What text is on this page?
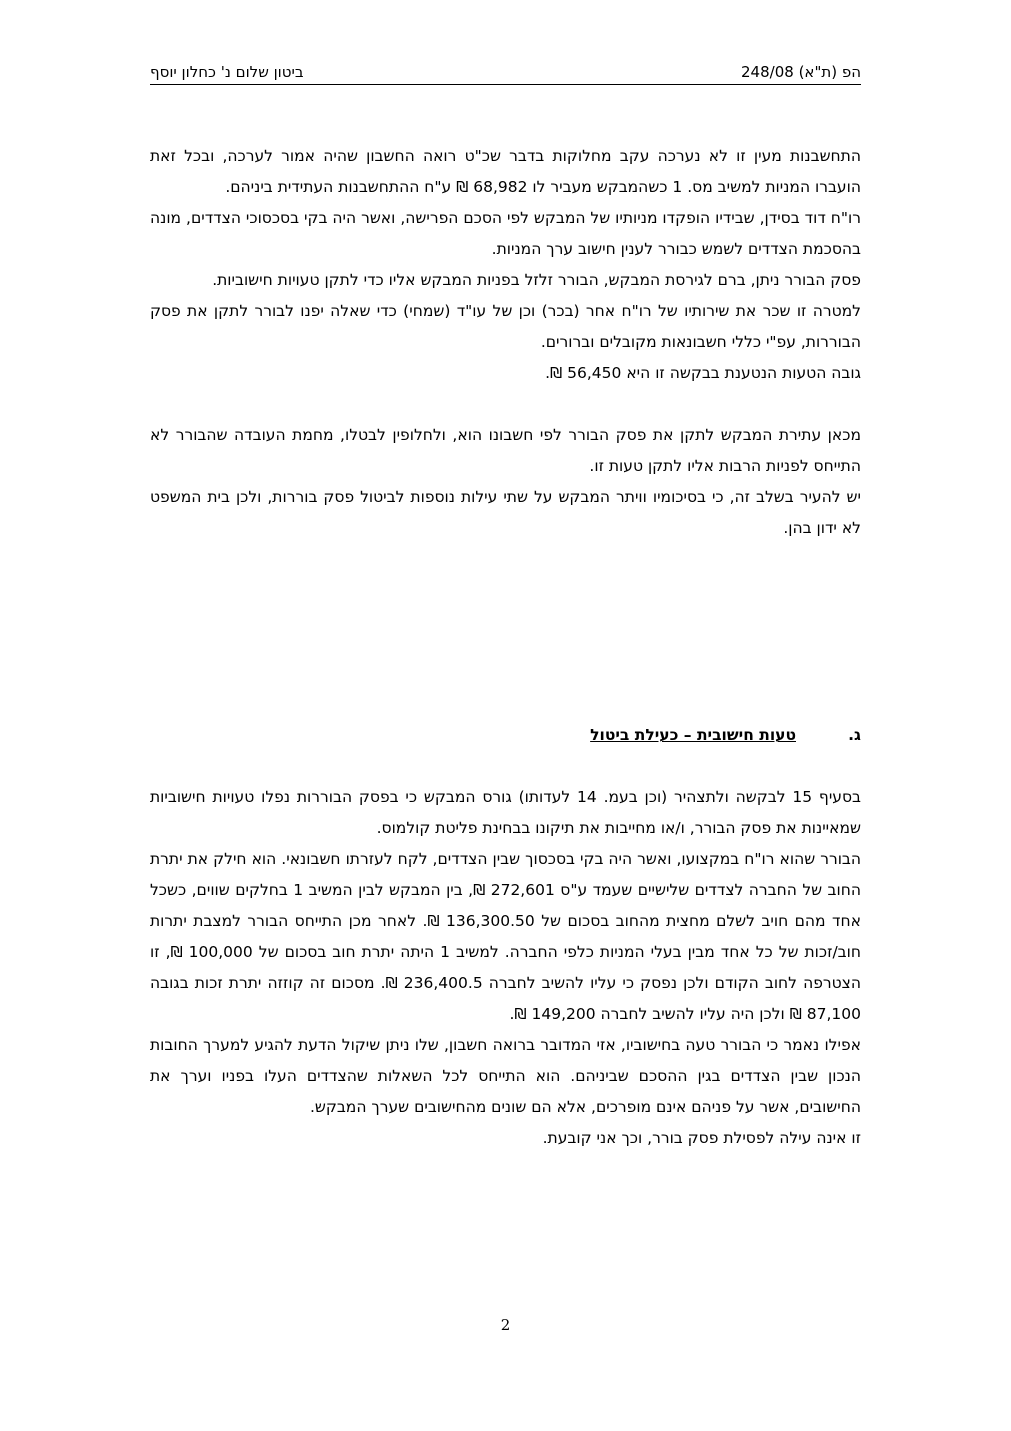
הפ (ת"א) 248/08
ביטון שלום נ' כחלון יוסף

התחשבנות מעין זו לא נערכה עקב מחלוקות בדבר שכ"ט רואה החשבון שהיה אמור לערכה, ובכל זאת הועברו המניות למשיב מס. 1 כשהמבקש מעביר לו 68,982 ₪ ע"ח ההתחשבנות העתידית ביניהם.

רו"ח דוד בסידן, שבידיו הופקדו מניותיו של המבקש לפי הסכם הפרישה, ואשר היה בקי בסכסוכי הצדדים, מונה בהסכמת הצדדים לשמש כבורר לענין חישוב ערך המניות.

פסק הבורר ניתן, ברם לגירסת המבקש, הבורר זלזל בפניות המבקש אליו כדי לתקן טעויות חישוביות.

למטרה זו שכר את שירותיו של רו"ח אחר (בכר) וכן של עו"ד (שמחי) כדי שאלה יפנו לבורר לתקן את פסק הבוררות, עפ"י כללי חשבונאות מקובלים וברורים.

גובה הטעות הנטענת בבקשה זו היא 56,450 ₪.

מכאן עתירת המבקש לתקן את פסק הבורר לפי חשבונו הוא, ולחלופין לבטלו, מחמת העובדה שהבורר לא התייחס לפניות הרבות אליו לתקן טעות זו.

יש להעיר בשלב זה, כי בסיכומיו וויתר המבקש על שתי עילות נוספות לביטול פסק בוררות, ולכן בית המשפט לא ידון בהן.

ג.
טעות חישובית – כעילת ביטול

בסעיף 15 לבקשה ולתצהיר (וכן בעמ. 14 לעדותו) גורס המבקש כי בפסק הבוררות נפלו טעויות חישוביות שמאיינות את פסק הבורר, ו/או מחייבות את תיקונו בבחינת פליטת קולמוס.

הבורר שהוא רו"ח במקצועו, ואשר היה בקי בסכסוך שבין הצדדים, לקח לעזרתו חשבונאי. הוא חילק את יתרת החוב של החברה לצדדים שלישיים שעמד ע"ס 272,601 ₪, בין המבקש לבין המשיב 1 בחלקים שווים, כשכל אחד מהם חויב לשלם מחצית מהחוב בסכום של 136,300.50 ₪. לאחר מכן התייחס הבורר למצבת יתרות חוב/זכות של כל אחד מבין בעלי המניות כלפי החברה. למשיב 1 היתה יתרת חוב בסכום של 100,000 ₪, זו הצטרפה לחוב הקודם ולכן נפסק כי עליו להשיב לחברה 236,400.5 ₪. מסכום זה קוזזה יתרת זכות בגובה 87,100 ₪ ולכן היה עליו להשיב לחברה 149,200 ₪.

אפילו נאמר כי הבורר טעה בחישוביו, אזי המדובר ברואה חשבון, שלו ניתן שיקול הדעת להגיע למערך החובות הנכון שבין הצדדים בגין ההסכם שביניהם. הוא התייחס לכל השאלות שהצדדים העלו בפניו וערך את החישובים, אשר על פניהם אינם מופרכים, אלא הם שונים מהחישובים שערך המבקש.

זו אינה עילה לפסילת פסק בורר, וכך אני קובעת.

2
